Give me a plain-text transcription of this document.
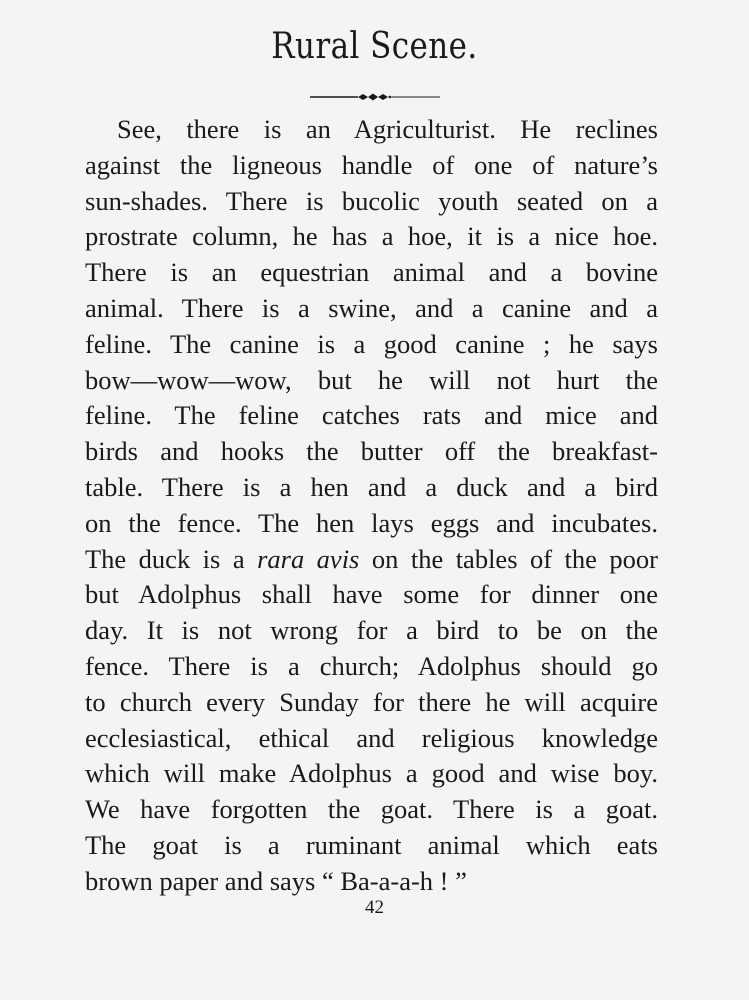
Rural Scene.
See, there is an Agriculturist. He reclines
against the ligneous handle of one of nature’s
sun-shades. There is bucolic youth seated on a
prostrate column, he has a hoe, it is a nice hoe.
There is an equestrian animal and a bovine
animal. There is a swine, and a canine and a
feline. The canine is a good canine ; he says
bow—wow—wow, but he will not hurt the
feline. The feline catches rats and mice and
birds and hooks the butter off the breakfast-
table. There is a hen and a duck and a bird
on the fence. The hen lays eggs and incubates.
The duck is a rara avis on the tables of the poor
but Adolphus shall have some for dinner one
day. It is not wrong for a bird to be on the
fence. There is a church; Adolphus should go
to church every Sunday for there he will acquire
ecclesiastical, ethical and religious knowledge
which will make Adolphus a good and wise boy.
We have forgotten the goat. There is a goat.
The goat is a ruminant animal which eats
brown paper and says “ Ba-a-a-h ! ”
42
